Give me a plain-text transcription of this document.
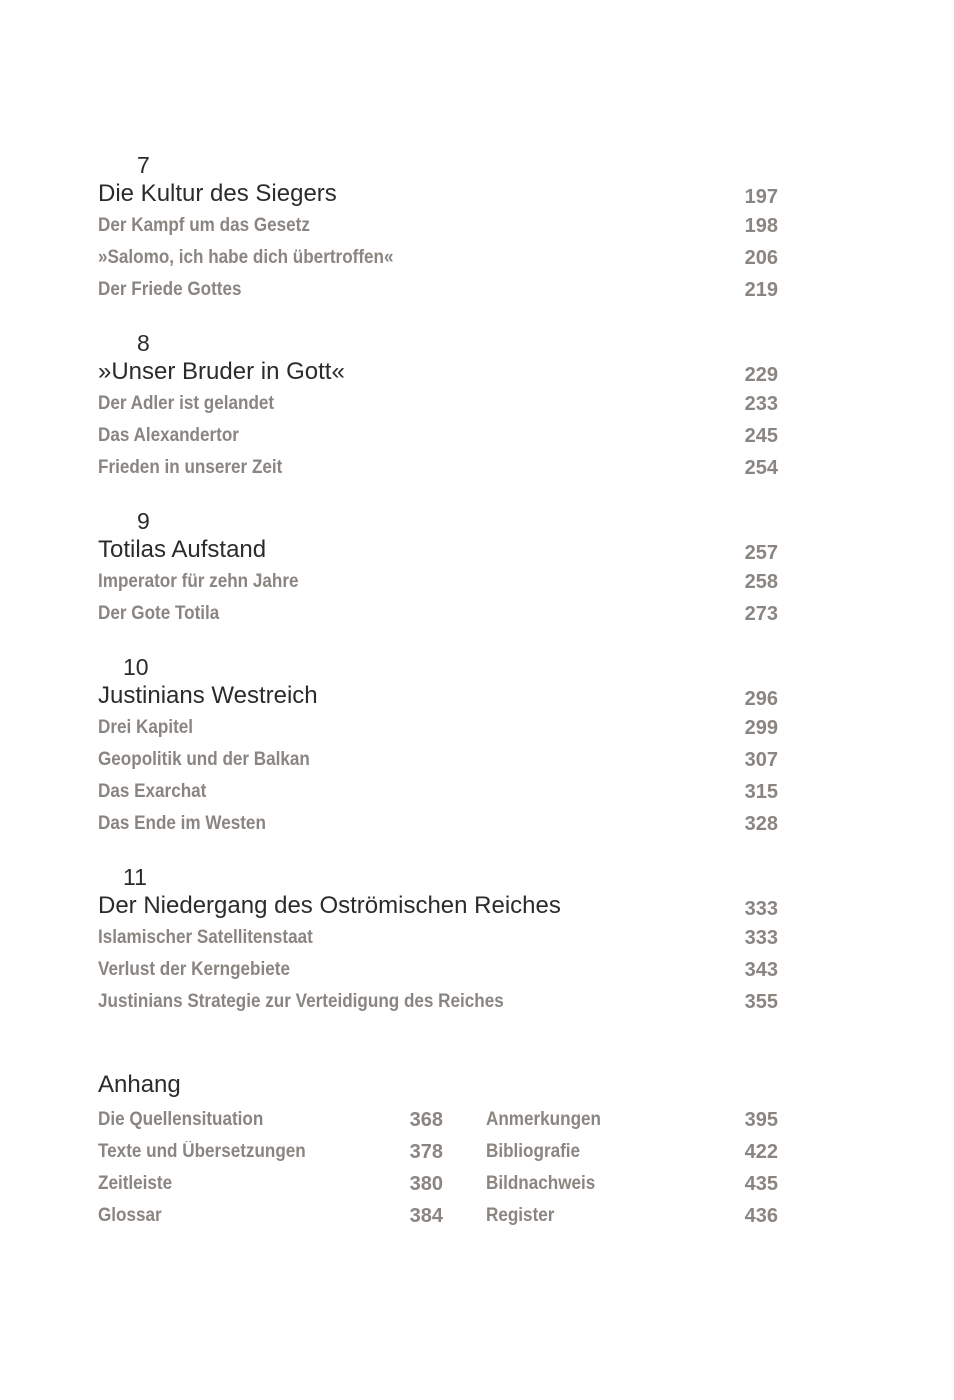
7
Die Kultur des Siegers	197
Der Kampf um das Gesetz	198
»Salomo, ich habe dich übertroffen«	206
Der Friede Gottes	219
8
»Unser Bruder in Gott«	229
Der Adler ist gelandet	233
Das Alexandertor	245
Frieden in unserer Zeit	254
9
Totilas Aufstand	257
Imperator für zehn Jahre	258
Der Gote Totila	273
10
Justinians Westreich	296
Drei Kapitel	299
Geopolitik und der Balkan	307
Das Exarchat	315
Das Ende im Westen	328
11
Der Niedergang des Oströmischen Reiches	333
Islamischer Satellitenstaat	333
Verlust der Kerngebiete	343
Justinians Strategie zur Verteidigung des Reiches	355
Anhang
Die Quellensituation	368
Texte und Übersetzungen	378
Zeitleiste	380
Glossar	384
Anmerkungen	395
Bibliografie	422
Bildnachweis	435
Register	436
